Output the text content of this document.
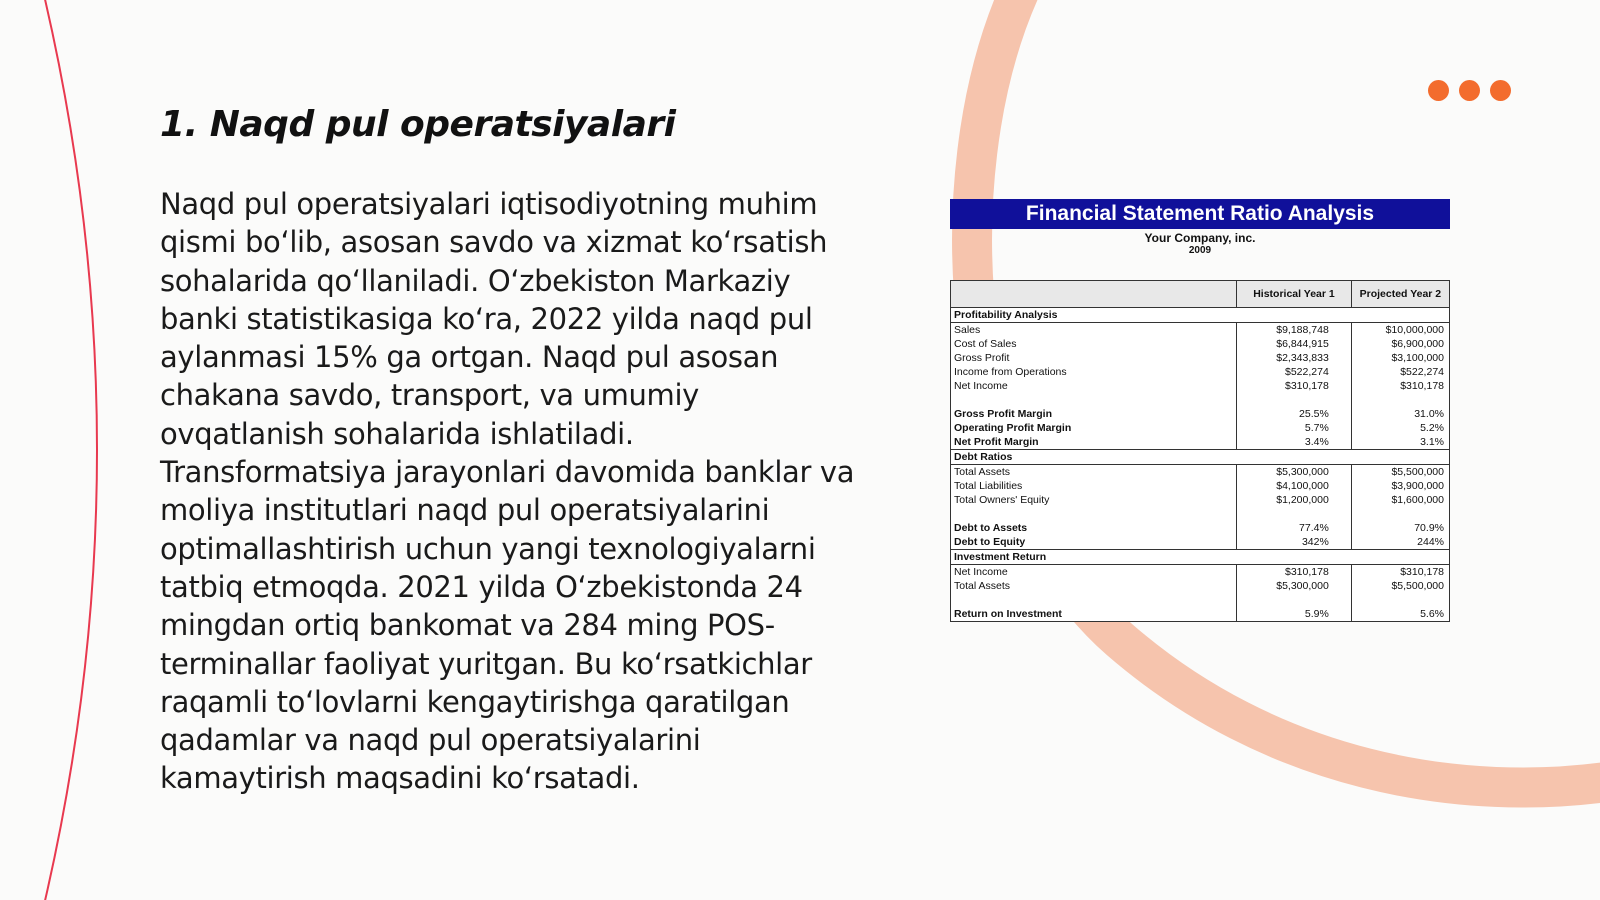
1. Naqd pul operatsiyalari

Naqd pul operatsiyalari iqtisodiyotning muhim qismi bo‘lib, asosan savdo va xizmat ko‘rsatish sohalarida qo‘llaniladi. O‘zbekiston Markaziy banki statistikasiga ko‘ra, 2022 yilda naqd pul aylanmasi 15% ga ortgan. Naqd pul asosan chakana savdo, transport, va umumiy ovqatlanish sohalarida ishlatiladi. Transformatsiya jarayonlari davomida banklar va moliya institutlari naqd pul operatsiyalarini optimallashtirish uchun yangi texnologiyalarni tatbiq etmoqda. 2021 yilda O‘zbekistonda 24 mingdan ortiq bankomat va 284 ming POS-terminallar faoliyat yuritgan. Bu ko‘rsatkichlar raqamli to‘lovlarni kengaytirishga qaratilgan qadamlar va naqd pul operatsiyalarini kamaytirish maqsadini ko‘rsatadi.

Financial Statement Ratio Analysis
Your Company, inc.
2009
	Historical Year 1	Projected Year 2
Profitability Analysis		
Sales	$9,188,748	$10,000,000
Cost of Sales	$6,844,915	$6,900,000
Gross Profit	$2,343,833	$3,100,000
Income from Operations	$522,274	$522,274
Net Income	$310,178	$310,178

Gross Profit Margin	25.5%	31.0%
Operating Profit Margin	5.7%	5.2%
Net Profit Margin	3.4%	3.1%
Debt Ratios		
Total Assets	$5,300,000	$5,500,000
Total Liabilities	$4,100,000	$3,900,000
Total Owners' Equity	$1,200,000	$1,600,000

Debt to Assets	77.4%	70.9%
Debt to Equity	342%	244%
Investment Return		
Net Income	$310,178	$310,178
Total Assets	$5,300,000	$5,500,000

Return on Investment	5.9%	5.6%
